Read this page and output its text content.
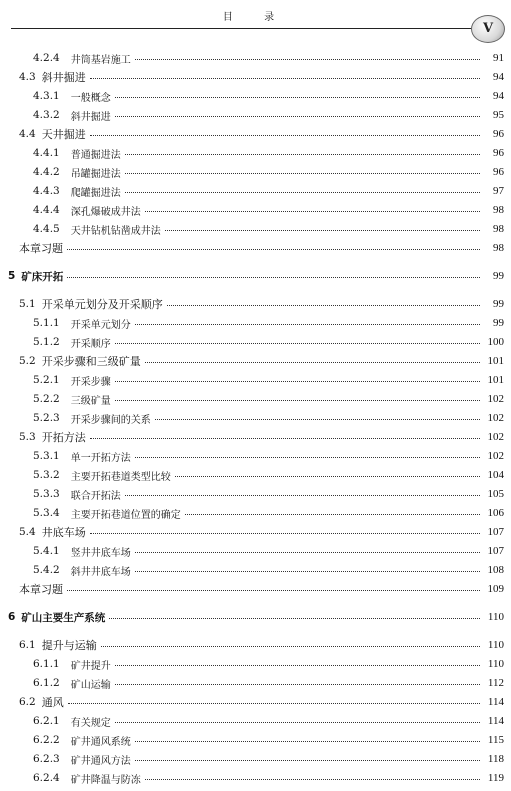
目 录
V
4.2.4	井筒基岩施工	91
4.3 斜井掘进	94
4.3.1	一般概念	94
4.3.2	斜井掘进	95
4.4 天井掘进	96
4.4.1	普通掘进法	96
4.4.2	吊罐掘进法	96
4.4.3	爬罐掘进法	97
4.4.4	深孔爆破成井法	98
4.4.5	天井钻机钻凿成井法	98
本章习题	98
5 矿床开拓	99
5.1 开采单元划分及开采顺序	99
5.1.1	开采单元划分	99
5.1.2	开采顺序	100
5.2 开采步骤和三级矿量	101
5.2.1	开采步骤	101
5.2.2	三级矿量	102
5.2.3	开采步骤间的关系	102
5.3 开拓方法	102
5.3.1	单一开拓方法	102
5.3.2	主要开拓巷道类型比较	104
5.3.3	联合开拓法	105
5.3.4	主要开拓巷道位置的确定	106
5.4 井底车场	107
5.4.1	竖井井底车场	107
5.4.2	斜井井底车场	108
本章习题	109
6 矿山主要生产系统	110
6.1 提升与运输	110
6.1.1	矿井提升	110
6.1.2	矿山运输	112
6.2 通风	114
6.2.1	有关规定	114
6.2.2	矿井通风系统	115
6.2.3	矿井通风方法	118
6.2.4	矿井降温与防冻	119
